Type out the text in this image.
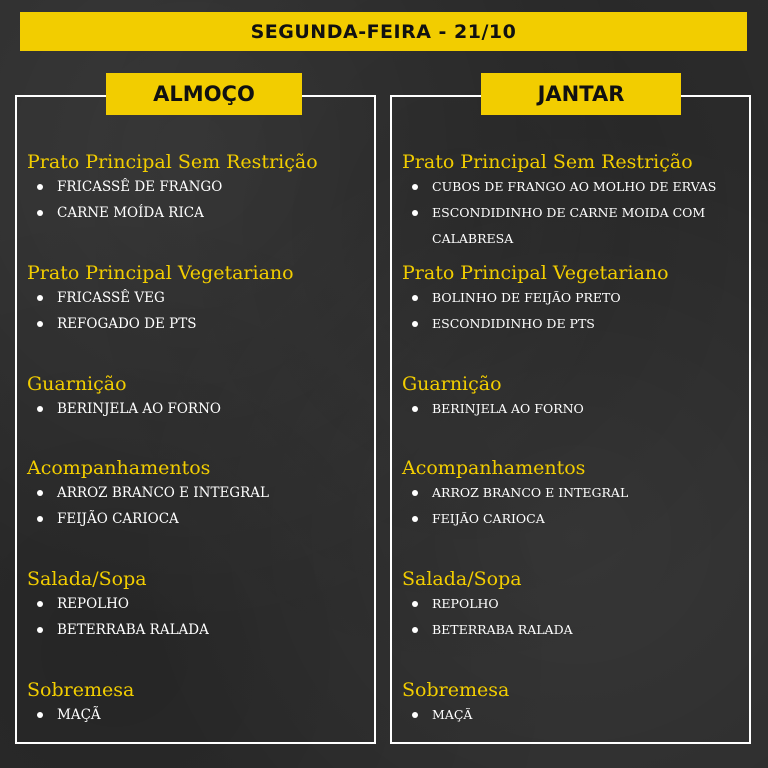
SEGUNDA-FEIRA - 21/10
ALMOÇO	JANTAR
Prato Principal Sem Restrição
FRICASSÊ DE FRANGO
CARNE MOÍDA RICA
Prato Principal Vegetariano
FRICASSÊ VEG
REFOGADO DE PTS
Guarnição
BERINJELA AO FORNO
Acompanhamentos
ARROZ BRANCO E INTEGRAL
FEIJÃO CARIOCA
Salada/Sopa
REPOLHO
BETERRABA RALADA
Sobremesa
MAÇÃ
Prato Principal Sem Restrição
CUBOS DE FRANGO AO MOLHO DE ERVAS
ESCONDIDINHO DE CARNE MOIDA COM CALABRESA
Prato Principal Vegetariano
BOLINHO DE FEIJÃO PRETO
ESCONDIDINHO DE PTS
Guarnição
BERINJELA AO FORNO
Acompanhamentos
ARROZ BRANCO E INTEGRAL
FEIJÃO CARIOCA
Salada/Sopa
REPOLHO
BETERRABA RALADA
Sobremesa
MAÇÃ
